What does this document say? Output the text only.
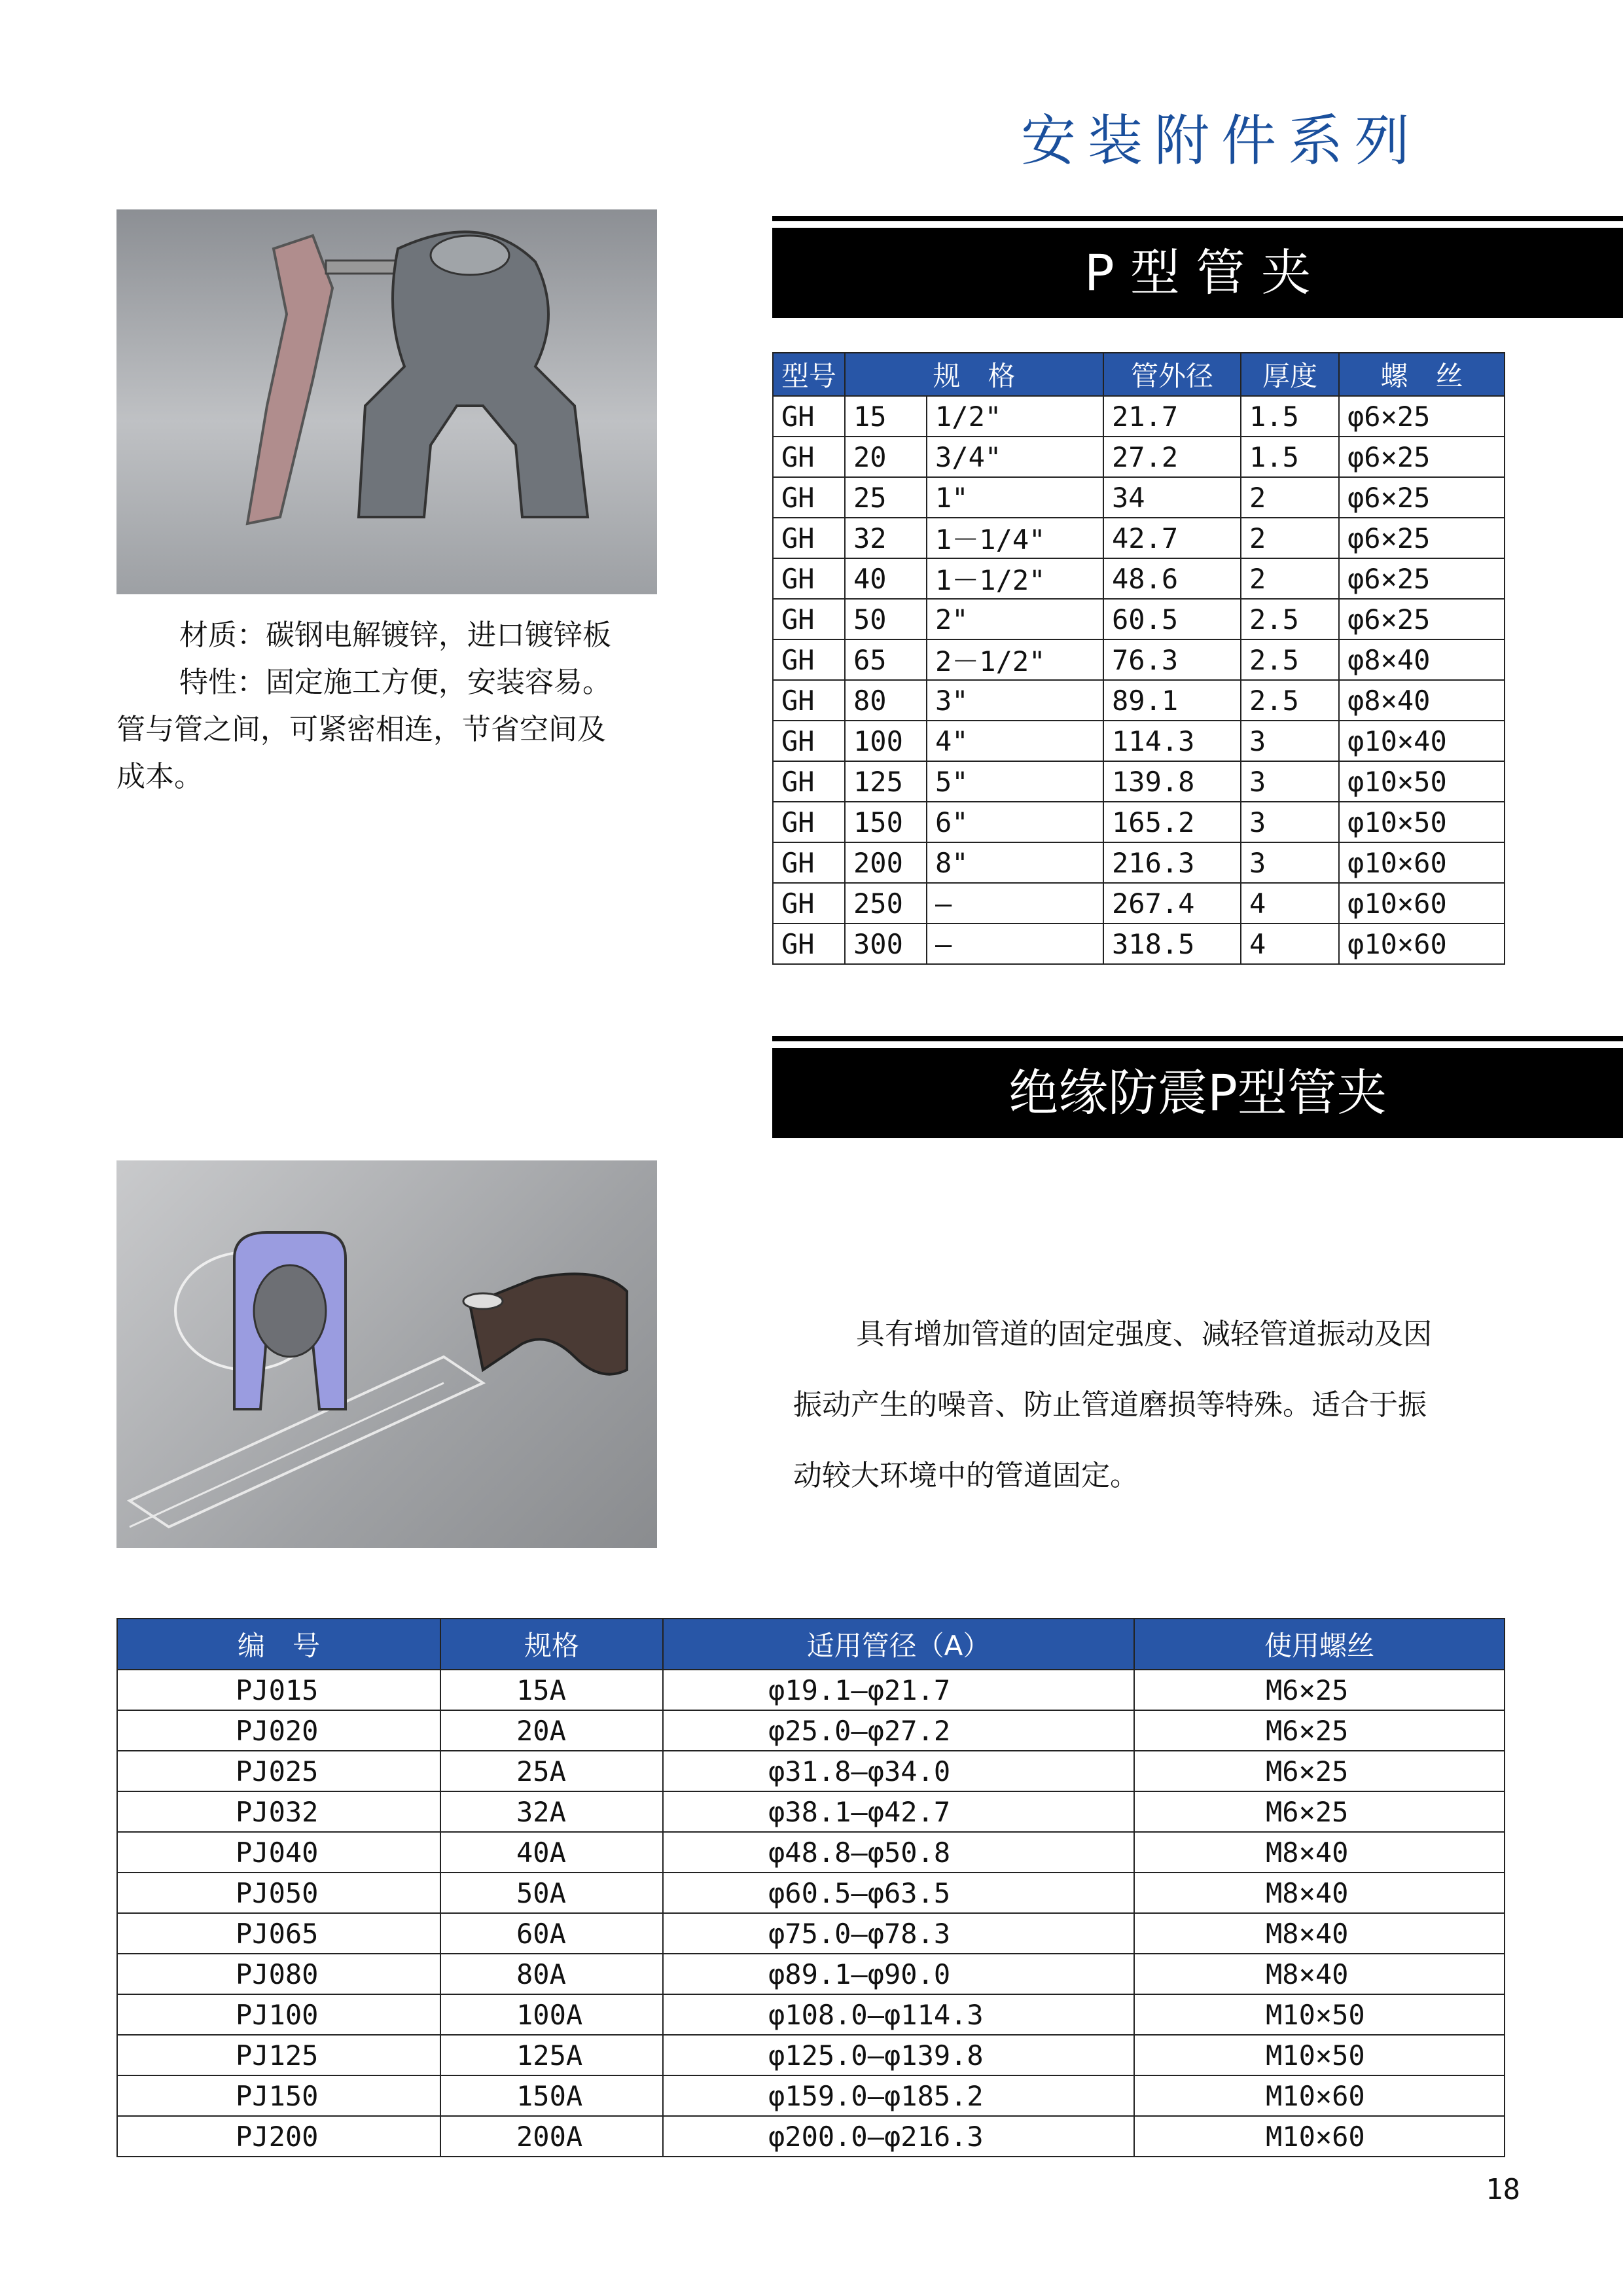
安装附件系列
P 型 管 夹

材质：碳钢电解镀锌，进口镀锌板

特性：固定施工方便，安装容易。

管与管之间，可紧密相连，节省空间及

成本。

型号	规　格		管外径	厚度	螺　丝
GH	15	1/2"	21.7	1.5	φ6×25
GH	20	3/4"	27.2	1.5	φ6×25
GH	25	1"	34	2	φ6×25
GH	32	1－1/4"	42.7	2	φ6×25
GH	40	1－1/2"	48.6	2	φ6×25
GH	50	2"	60.5	2.5	φ6×25
GH	65	2－1/2"	76.3	2.5	φ8×40
GH	80	3"	89.1	2.5	φ8×40
GH	100	4"	114.3	3	φ10×40
GH	125	5"	139.8	3	φ10×50
GH	150	6"	165.2	3	φ10×50
GH	200	8"	216.3	3	φ10×60
GH	250	—	267.4	4	φ10×60
GH	300	—	318.5	4	φ10×60
绝缘防震P型管夹

具有增加管道的固定强度、减轻管道振动及因

振动产生的噪音、防止管道磨损等特殊。适合于振

动较大环境中的管道固定。

编　号	规格	适用管径（A）	使用螺丝
PJ015	15A	φ19.1—φ21.7	M6×25
PJ020	20A	φ25.0—φ27.2	M6×25
PJ025	25A	φ31.8—φ34.0	M6×25
PJ032	32A	φ38.1—φ42.7	M6×25
PJ040	40A	φ48.8—φ50.8	M8×40
PJ050	50A	φ60.5—φ63.5	M8×40
PJ065	60A	φ75.0—φ78.3	M8×40
PJ080	80A	φ89.1—φ90.0	M8×40
PJ100	100A	φ108.0—φ114.3	M10×50
PJ125	125A	φ125.0—φ139.8	M10×50
PJ150	150A	φ159.0—φ185.2	M10×60
PJ200	200A	φ200.0—φ216.3	M10×60
18
